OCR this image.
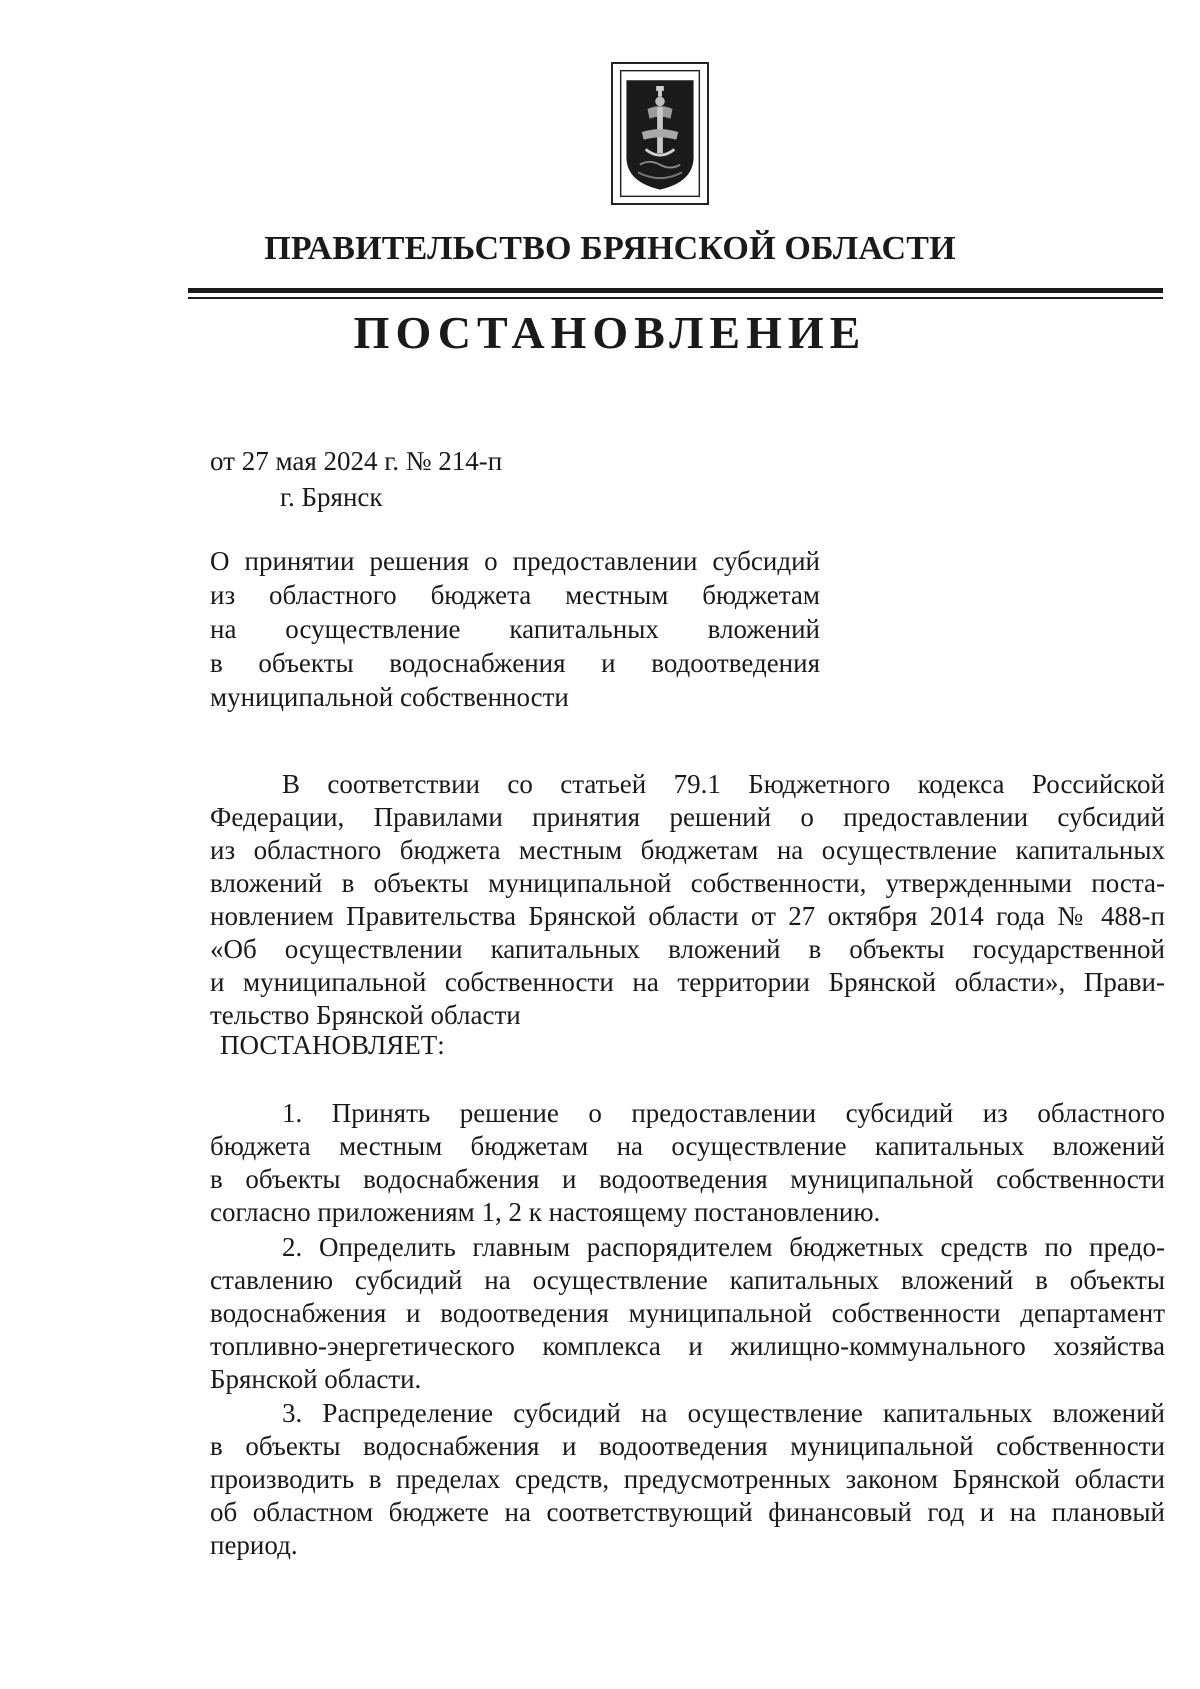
ПРАВИТЕЛЬСТВО БРЯНСКОЙ ОБЛАСТИ
ПОСТАНОВЛЕНИЕ
от 27 мая 2024 г. № 214-п
г. Брянск
О принятии решения о предоставлении субсидий
из областного бюджета местным бюджетам
на осуществление капитальных вложений
в объекты водоснабжения и водоотведения
муниципальной собственности
В соответствии со статьей 79.1 Бюджетного кодекса Российской
Федерации, Правилами принятия решений о предоставлении субсидий
из областного бюджета местным бюджетам на осуществление капитальных
вложений в объекты муниципальной собственности, утвержденными поста-
новлением Правительства Брянской области от 27 октября 2014 года № 488-п
«Об осуществлении капитальных вложений в объекты государственной
и муниципальной собственности на территории Брянской области», Прави-
тельство Брянской области
ПОСТАНОВЛЯЕТ:
1. Принять решение о предоставлении субсидий из областного
бюджета местным бюджетам на осуществление капитальных вложений
в объекты водоснабжения и водоотведения муниципальной собственности
согласно приложениям 1, 2 к настоящему постановлению.
2. Определить главным распорядителем бюджетных средств по предо-
ставлению субсидий на осуществление капитальных вложений в объекты
водоснабжения и водоотведения муниципальной собственности департамент
топливно-энергетического комплекса и жилищно-коммунального хозяйства
Брянской области.
3. Распределение субсидий на осуществление капитальных вложений
в объекты водоснабжения и водоотведения муниципальной собственности
производить в пределах средств, предусмотренных законом Брянской области
об областном бюджете на соответствующий финансовый год и на плановый
период.
